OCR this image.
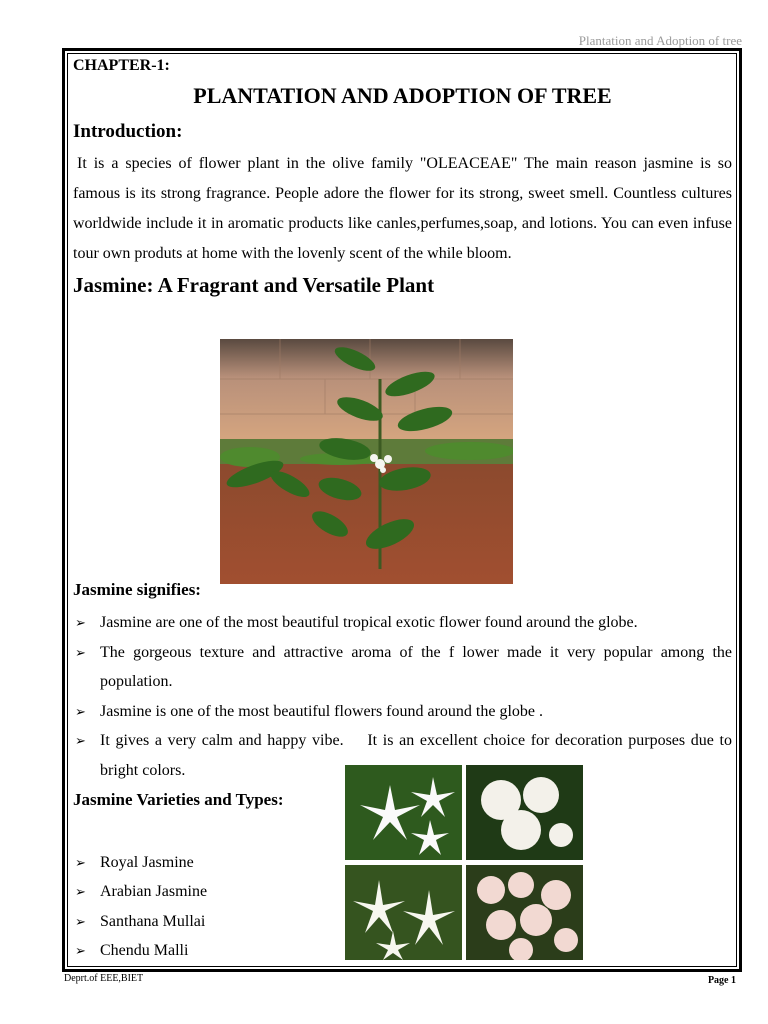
Plantation and Adoption of tree
CHAPTER-1:
PLANTATION AND ADOPTION OF TREE
Introduction:
It is a species of flower plant in the olive family "OLEACEAE" The main reason jasmine is so famous is its strong fragrance. People adore the flower for its strong, sweet smell. Countless cultures worldwide include it in aromatic products like canles,perfumes,soap, and lotions. You can even infuse tour own produts at home with the lovenly scent of the while bloom.
Jasmine: A Fragrant and Versatile Plant
Jasmine signifies:
➢ Jasmine are one of the most beautiful tropical exotic flower found around the globe.
➢ The gorgeous texture and attractive aroma of the f lower made it very popular among the population.
➢ Jasmine is one of the most beautiful flowers found around the globe .
➢ It gives a very calm and happy vibe. It is an excellent choice for decoration purposes due to bright colors.
Jasmine Varieties and Types:
➢ Royal Jasmine
➢ Arabian Jasmine
➢ Santhana Mullai
➢ Chendu Malli
Deprt.of EEE,BIET	Page 1
